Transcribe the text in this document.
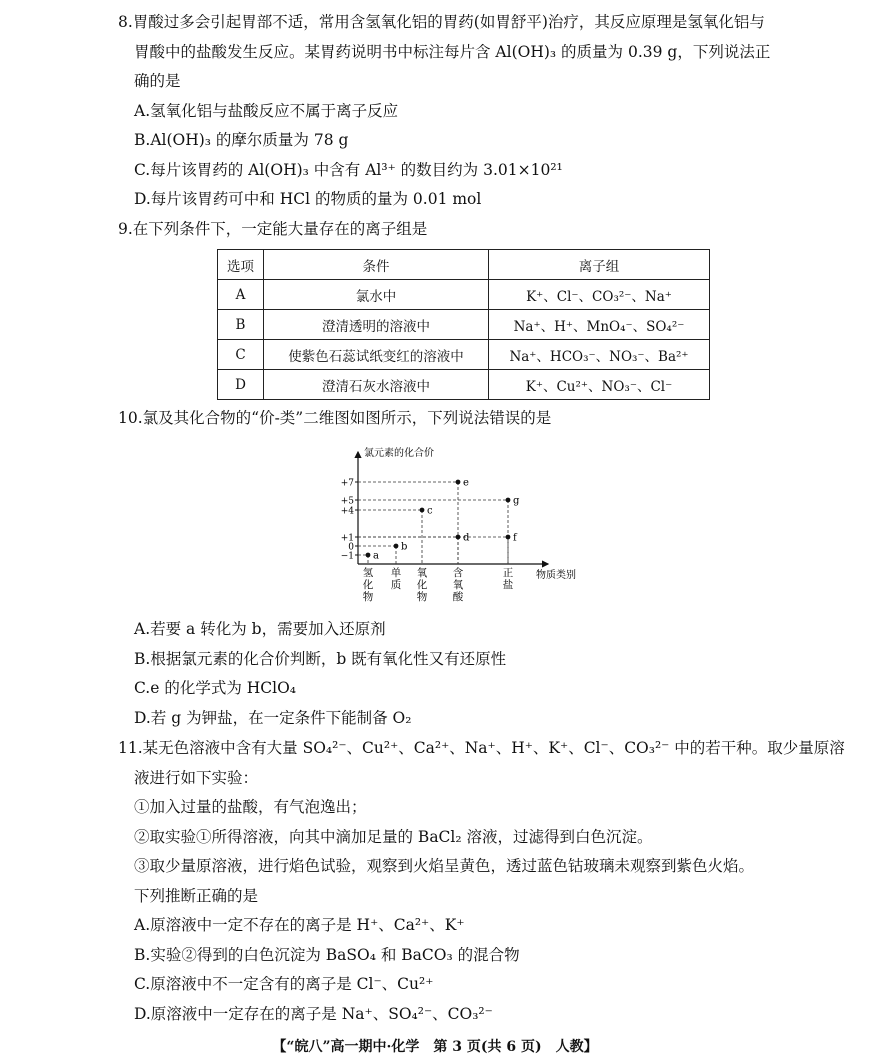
8.胃酸过多会引起胃部不适，常用含氢氧化铝的胃药(如胃舒平)治疗，其反应原理是氢氧化铝与
胃酸中的盐酸发生反应。某胃药说明书中标注每片含 Al(OH)₃ 的质量为 0.39 g，下列说法正
确的是
A.氢氧化铝与盐酸反应不属于离子反应
B.Al(OH)₃ 的摩尔质量为 78 g
C.每片该胃药的 Al(OH)₃ 中含有 Al³⁺ 的数目约为 3.01×10²¹
D.每片该胃药可中和 HCl 的物质的量为 0.01 mol
9.在下列条件下，一定能大量存在的离子组是
选项	条件	离子组
A	氯水中	K⁺、Cl⁻、CO₃²⁻、Na⁺
B	澄清透明的溶液中	Na⁺、H⁺、MnO₄⁻、SO₄²⁻
C	使紫色石蕊试纸变红的溶液中	Na⁺、HCO₃⁻、NO₃⁻、Ba²⁺
D	澄清石灰水溶液中	K⁺、Cu²⁺、NO₃⁻、Cl⁻
10.氯及其化合物的“价-类”二维图如图所示，下列说法错误的是
氯元素的化合价
物质类别
+7
+5
+4
+1
0
−1
氢化物
单质
氧化物
含氧酸
正盐
a
b
c
d
e
f
g
A.若要 a 转化为 b，需要加入还原剂
B.根据氯元素的化合价判断，b 既有氧化性又有还原性
C.e 的化学式为 HClO₄
D.若 g 为钾盐，在一定条件下能制备 O₂
11.某无色溶液中含有大量 SO₄²⁻、Cu²⁺、Ca²⁺、Na⁺、H⁺、K⁺、Cl⁻、CO₃²⁻ 中的若干种。取少量原溶
液进行如下实验：
①加入过量的盐酸，有气泡逸出；
②取实验①所得溶液，向其中滴加足量的 BaCl₂ 溶液，过滤得到白色沉淀。
③取少量原溶液，进行焰色试验，观察到火焰呈黄色，透过蓝色钴玻璃未观察到紫色火焰。
下列推断正确的是
A.原溶液中一定不存在的离子是 H⁺、Ca²⁺、K⁺
B.实验②得到的白色沉淀为 BaSO₄ 和 BaCO₃ 的混合物
C.原溶液中不一定含有的离子是 Cl⁻、Cu²⁺
D.原溶液中一定存在的离子是 Na⁺、SO₄²⁻、CO₃²⁻
【“皖八”高一期中·化学　第 3 页(共 6 页)　人教】
